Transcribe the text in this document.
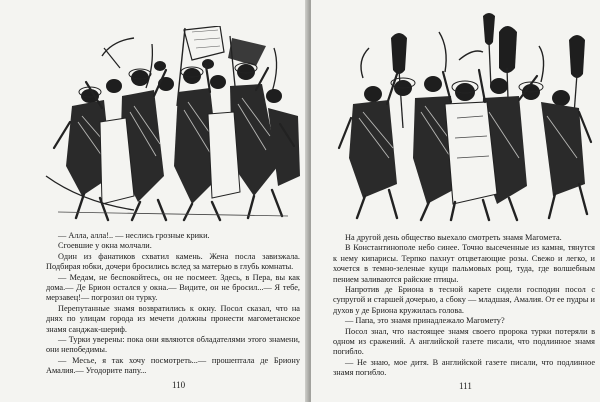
— Алла, алла!.. — неслись грозные крики.

Сгоевшие у окна молчали.

Один из фанатиков схватил камень. Жена посла завизжала. Подбирая юбки, дочери бросились вслед за матерью в глубь комнаты.

— Медам, не беспокойтесь, он не посмеет. Здесь, в Пера, вы как дома.— Де Брион остался у окна.— Видите, он не бросил...— Я тебе, мерзавец!— погрозил он турку.

Перепутанные знамя возвратились к окну. Посол сказал, что на днях по улицам города из мечети должны пронести магометанское знамя санджак-шериф.

— Турки уверены: пока они являются обладателями этого знамени, они непобедимы.

— Месье, я так хочу посмотреть...— прошептала де Бриону Амалия.— Угодорите папу...

110

На другой день общество выехало смотреть знамя Магомета.

В Константинополе небо синее. Точно высеченные из камня, тянутся к нему кипарисы. Терпко пахнут отцветающие розы. Свежо и легко, и хочется в темно-зеленые кущи пальмовых рощ, туда, где волшебным пением заливаются райские птицы.

Напротив де Бриона в тесной карете сидели господин посол с супругой и старшей дочерью, а сбоку — младшая, Амалия. От ее пудры и духов у де Бриона кружилась голова.

— Папа, это знамя принадлежало Магомету?

Посол знал, что настоящее знамя своего пророка турки потеряли в одном из сражений. А английской газете писали, что подлинное знамя погибло.

— Не знаю, мое дитя. В английской газете писали, что подлинное знамя погибло.

111
